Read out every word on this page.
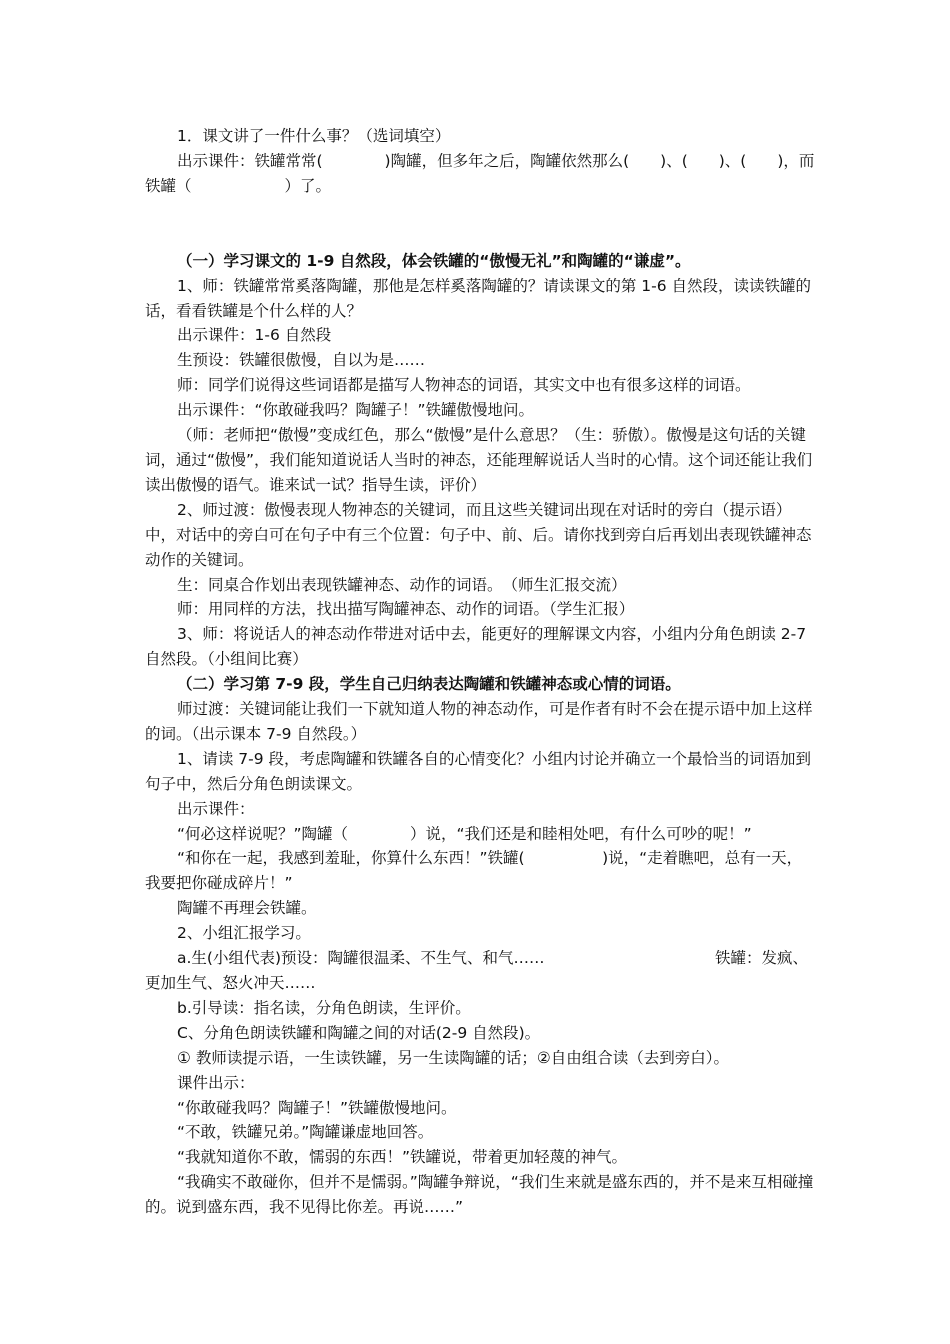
1．课文讲了一件什么事？（选词填空）

出示课件：铁罐常常(　　　　)陶罐，但多年之后，陶罐依然那么(　　)、(　　)、(　　)，而铁罐（　　　　　　）了。

（一）学习课文的 1-9 自然段，体会铁罐的“傲慢无礼”和陶罐的“谦虚”。

1、师：铁罐常常奚落陶罐，那他是怎样奚落陶罐的？请读课文的第 1-6 自然段，读读铁罐的话，看看铁罐是个什么样的人？

出示课件：1-6 自然段

生预设：铁罐很傲慢，自以为是……

师：同学们说得这些词语都是描写人物神态的词语，其实文中也有很多这样的词语。

出示课件：“你敢碰我吗？陶罐子！”铁罐傲慢地问。

（师：老师把“傲慢”变成红色，那么“傲慢”是什么意思？（生：骄傲）。傲慢是这句话的关键词，通过“傲慢”，我们能知道说话人当时的神态，还能理解说话人当时的心情。这个词还能让我们读出傲慢的语气。谁来试一试？指导生读，评价）

2、师过渡：傲慢表现人物神态的关键词，而且这些关键词出现在对话时的旁白（提示语）中，对话中的旁白可在句子中有三个位置：句子中、前、后。请你找到旁白后再划出表现铁罐神态动作的关键词。

生：同桌合作划出表现铁罐神态、动作的词语。　（师生汇报交流）

师：用同样的方法，找出描写陶罐神态、动作的词语。（学生汇报）

3、师：将说话人的神态动作带进对话中去，能更好的理解课文内容，小组内分角色朗读 2-7 自然段。（小组间比赛）

（二）学习第 7-9 段，学生自己归纳表达陶罐和铁罐神态或心情的词语。

师过渡：关键词能让我们一下就知道人物的神态动作，可是作者有时不会在提示语中加上这样的词。（出示课本 7-9 自然段。）

1、请读 7-9 段，考虑陶罐和铁罐各自的心情变化？小组内讨论并确立一个最恰当的词语加到句子中，然后分角色朗读课文。

出示课件：

“何必这样说呢？”陶罐（　　　　）说，“我们还是和睦相处吧，有什么可吵的呢！”

“和你在一起，我感到羞耻，你算什么东西！”铁罐(　　　　　)说，“走着瞧吧，总有一天，我要把你碰成碎片！”

陶罐不再理会铁罐。

2、小组汇报学习。

a.生(小组代表)预设：陶罐很温柔、不生气、和气……　　　　　　　　　　　	铁罐：发疯、更加生气、怒火冲天……

b.引导读：指名读，分角色朗读，生评价。

C、分角色朗读铁罐和陶罐之间的对话(2-9 自然段)。

① 教师读提示语，一生读铁罐，另一生读陶罐的话；②自由组合读（去到旁白）。

课件出示：

“你敢碰我吗？陶罐子！”铁罐傲慢地问。

“不敢，铁罐兄弟。”陶罐谦虚地回答。

“我就知道你不敢，懦弱的东西！”铁罐说，带着更加轻蔑的神气。

“我确实不敢碰你，但并不是懦弱。”陶罐争辩说，“我们生来就是盛东西的，并不是来互相碰撞的。说到盛东西，我不见得比你差。再说……”
